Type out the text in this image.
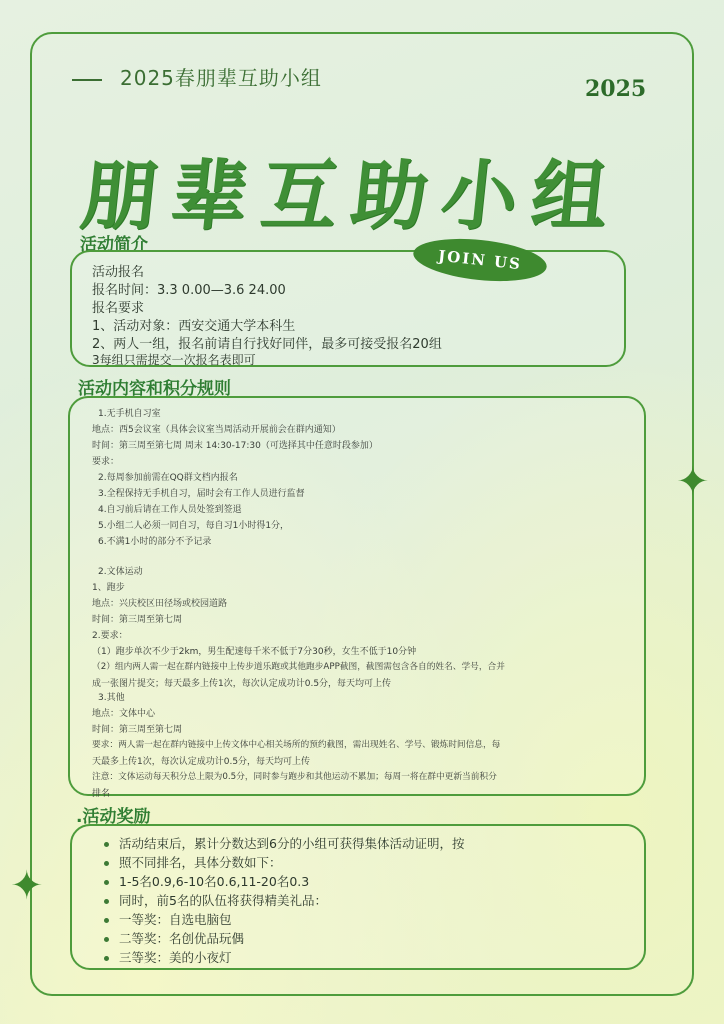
✦
✦
2025春朋辈互助小组	2025
朋辈互助小组
活动简介
活动报名
报名时间：3.3 0.00—3.6 24.00
报名要求
1、活动对象：西安交通大学本科生
2、两人一组，报名前请自行找好同伴，最多可接受报名20组
3每组只需提交一次报名表即可
JOIN US
活动内容和积分规则
1.无手机自习室
地点：西5会议室（具体会议室当周活动开展前会在群内通知）
时间：第三周至第七周 周末 14:30-17:30（可选择其中任意时段参加）
要求：
2.每周参加前需在QQ群文档内报名
3.全程保持无手机自习，届时会有工作人员进行监督
4.自习前后请在工作人员处签到签退
5.小组二人必须一同自习，每自习1小时得1分，
6.不满1小时的部分不予记录
2.文体运动
1、跑步
地点：兴庆校区田径场或校园道路
时间：第三周至第七周
2.要求：
（1）跑步单次不少于2km，男生配速每千米不低于7分30秒，女生不低于10分钟
（2）组内两人需一起在群内链接中上传步道乐跑或其他跑步APP截图，截图需包含各自的姓名、学号，合并
成一张图片提交；每天最多上传1次，每次认定成功计0.5分，每天均可上传
3.其他
地点：文体中心
时间：第三周至第七周
要求：两人需一起在群内链接中上传文体中心相关场所的预约截图，需出现姓名、学号、锻炼时间信息，每
天最多上传1次，每次认定成功计0.5分，每天均可上传
注意：文体运动每天积分总上限为0.5分，同时参与跑步和其他运动不累加；每周一将在群中更新当前积分
排名
.活动奖励
活动结束后，累计分数达到6分的小组可获得集体活动证明，按
照不同排名，具体分数如下：
1-5名0.9,6-10名0.6,11-20名0.3
同时，前5名的队伍将获得精美礼品：
一等奖：自选电脑包
二等奖：名创优品玩偶
三等奖：美的小夜灯
